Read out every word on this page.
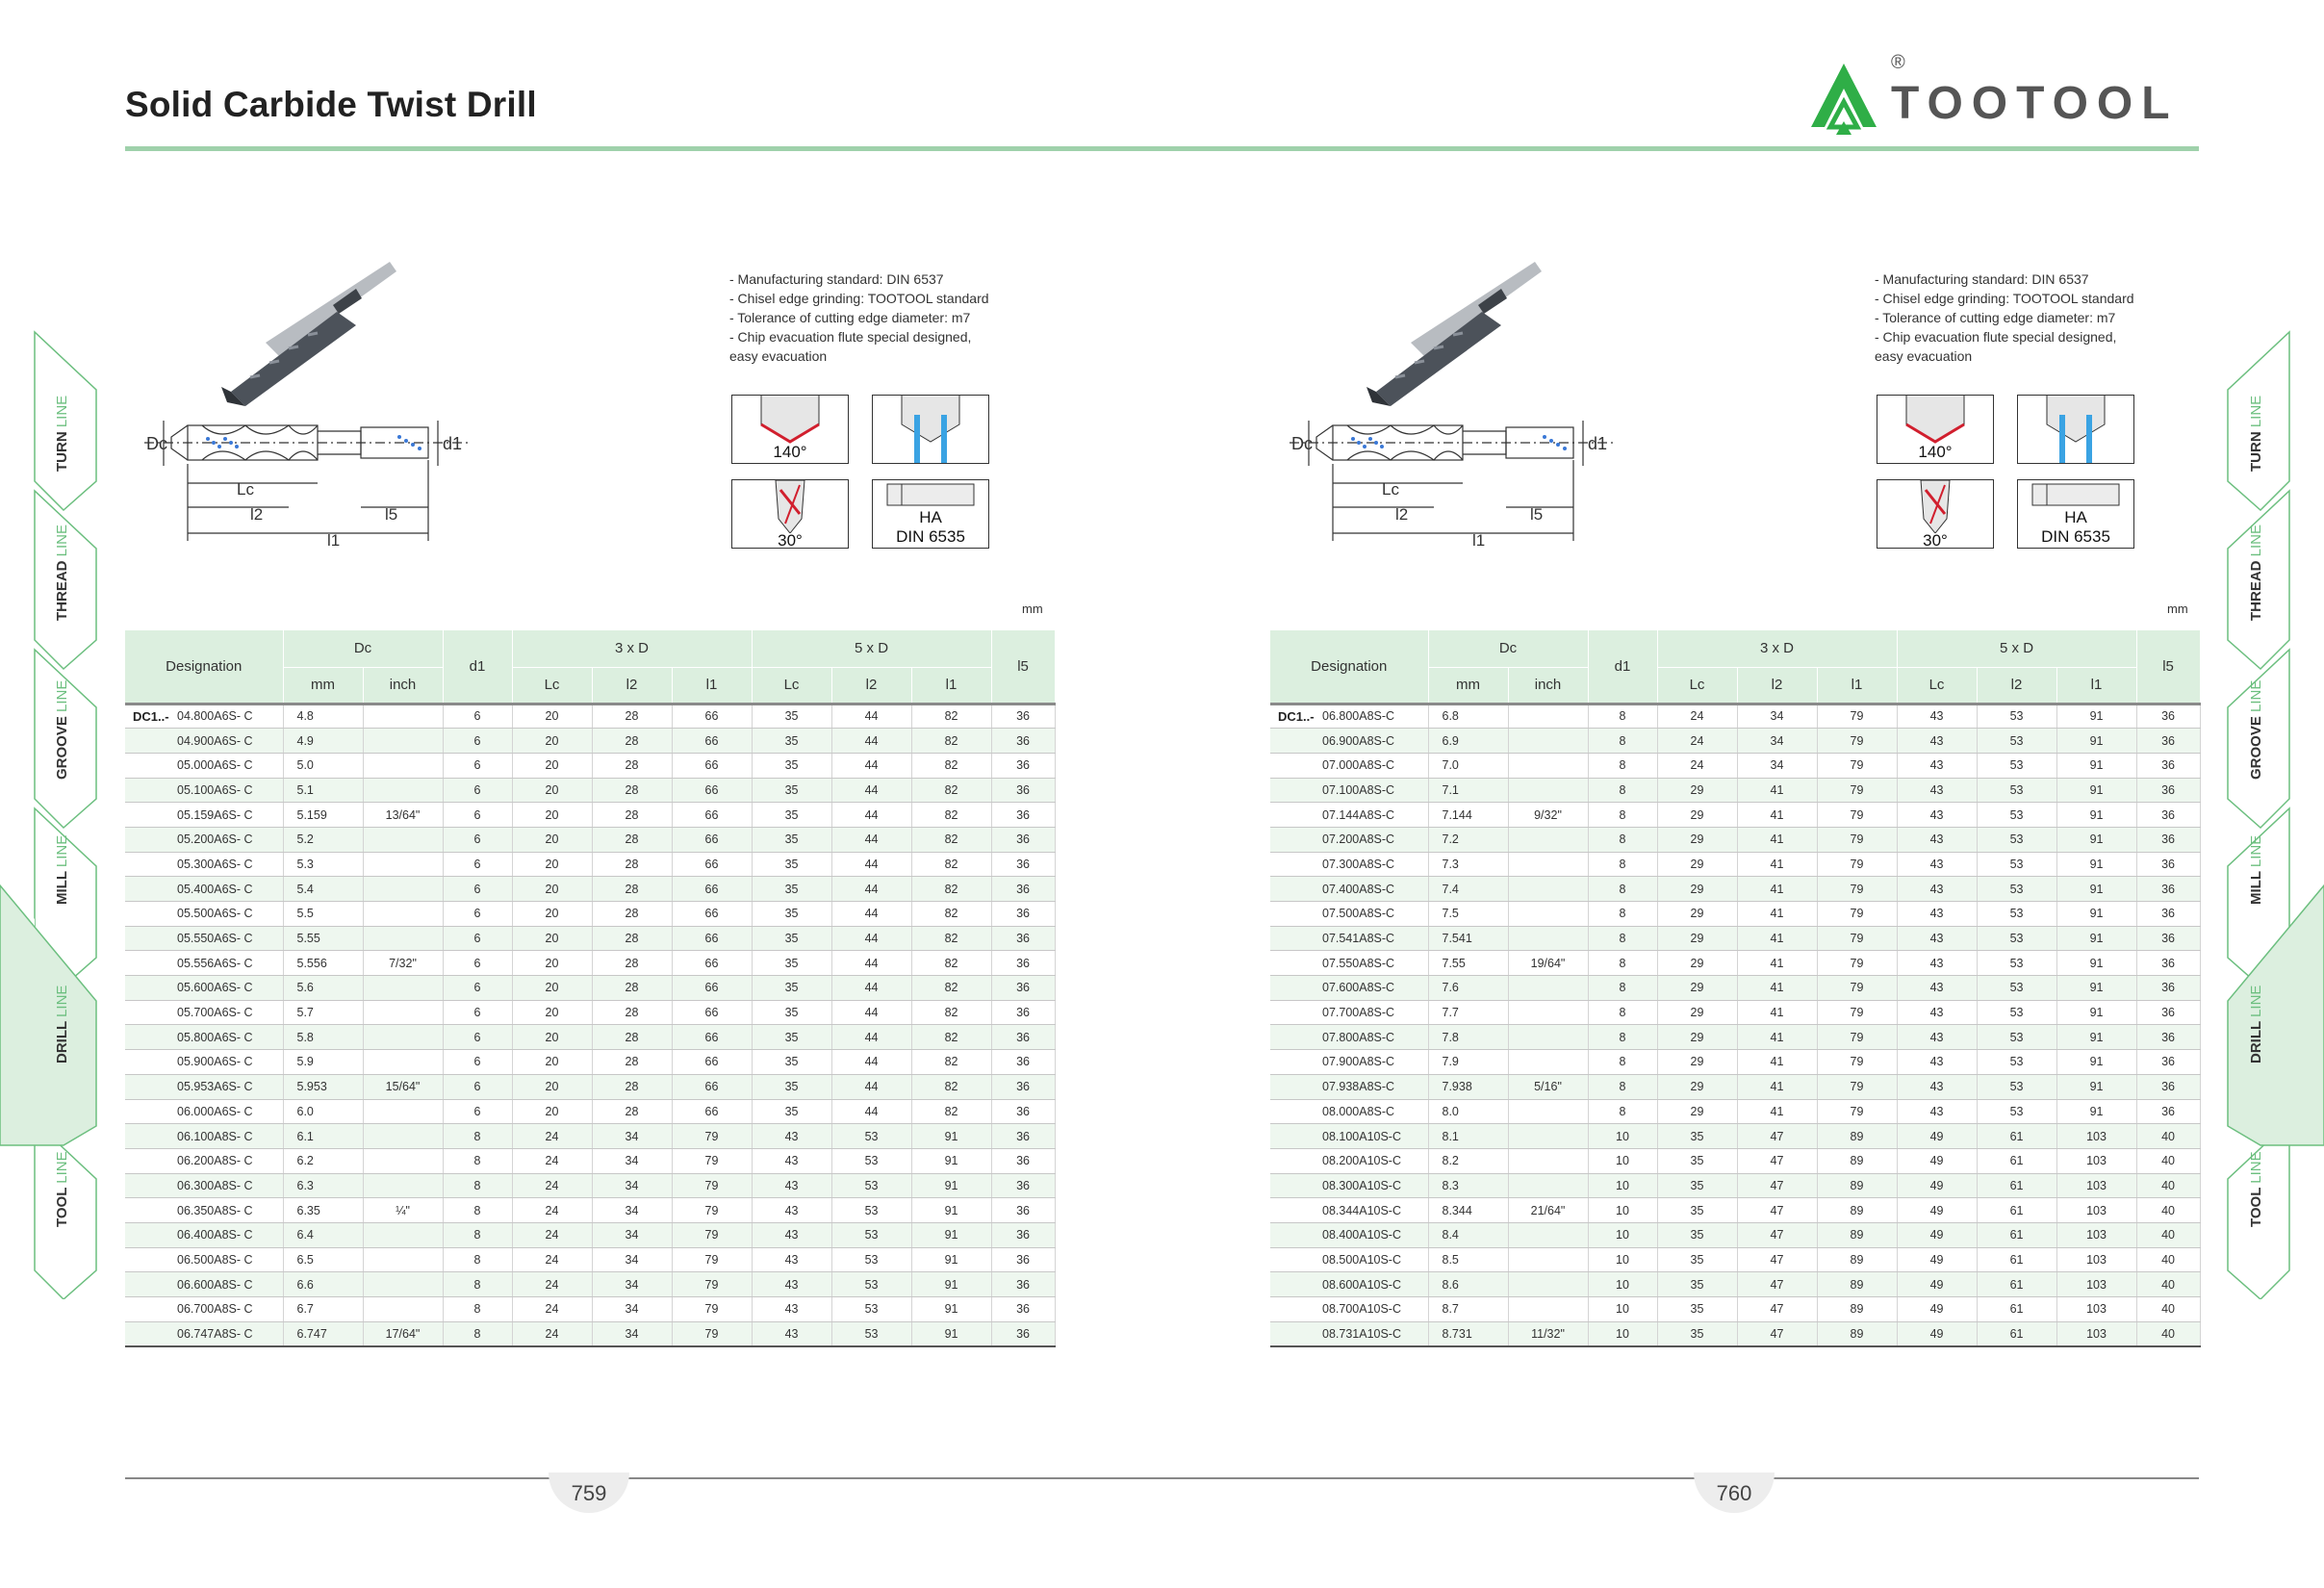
Solid Carbide Twist Drill
®
TOOTOOL
Dc	d1
Lc
l2	l5
l1
- Manufacturing standard: DIN 6537
- Chisel edge grinding: TOOTOOL standard
- Tolerance of cutting edge diameter: m7
- Chip evacuation flute special designed,
easy evacuation
140°
30°
HA
DIN 6535
mm
Designation		Dc		d1	3 x D			5 x D			l5
		mm	inch		Lc	l2	l1	Lc	l2	l1	
DC1..-	04.800A6S- C	4.8		6	20	28	66	35	44	82	36
	04.900A6S- C	4.9		6	20	28	66	35	44	82	36
	05.000A6S- C	5.0		6	20	28	66	35	44	82	36
	05.100A6S- C	5.1		6	20	28	66	35	44	82	36
	05.159A6S- C	5.159	13/64"	6	20	28	66	35	44	82	36
	05.200A6S- C	5.2		6	20	28	66	35	44	82	36
	05.300A6S- C	5.3		6	20	28	66	35	44	82	36
	05.400A6S- C	5.4		6	20	28	66	35	44	82	36
	05.500A6S- C	5.5		6	20	28	66	35	44	82	36
	05.550A6S- C	5.55		6	20	28	66	35	44	82	36
	05.556A6S- C	5.556	7/32"	6	20	28	66	35	44	82	36
	05.600A6S- C	5.6		6	20	28	66	35	44	82	36
	05.700A6S- C	5.7		6	20	28	66	35	44	82	36
	05.800A6S- C	5.8		6	20	28	66	35	44	82	36
	05.900A6S- C	5.9		6	20	28	66	35	44	82	36
	05.953A6S- C	5.953	15/64"	6	20	28	66	35	44	82	36
	06.000A6S- C	6.0		6	20	28	66	35	44	82	36
	06.100A8S- C	6.1		8	24	34	79	43	53	91	36
	06.200A8S- C	6.2		8	24	34	79	43	53	91	36
	06.300A8S- C	6.3		8	24	34	79	43	53	91	36
	06.350A8S- C	6.35	¼"	8	24	34	79	43	53	91	36
	06.400A8S- C	6.4		8	24	34	79	43	53	91	36
	06.500A8S- C	6.5		8	24	34	79	43	53	91	36
	06.600A8S- C	6.6		8	24	34	79	43	53	91	36
	06.700A8S- C	6.7		8	24	34	79	43	53	91	36
	06.747A8S- C	6.747	17/64"	8	24	34	79	43	53	91	36
Dc	d1
Lc
l2	l5
l1
- Manufacturing standard: DIN 6537
- Chisel edge grinding: TOOTOOL standard
- Tolerance of cutting edge diameter: m7
- Chip evacuation flute special designed,
easy evacuation
140°
30°
HA
DIN 6535
mm
Designation		Dc		d1	3 x D			5 x D			l5
		mm	inch		Lc	l2	l1	Lc	l2	l1	
DC1..-	06.800A8S-C	6.8		8	24	34	79	43	53	91	36
	06.900A8S-C	6.9		8	24	34	79	43	53	91	36
	07.000A8S-C	7.0		8	24	34	79	43	53	91	36
	07.100A8S-C	7.1		8	29	41	79	43	53	91	36
	07.144A8S-C	7.144	9/32"	8	29	41	79	43	53	91	36
	07.200A8S-C	7.2		8	29	41	79	43	53	91	36
	07.300A8S-C	7.3		8	29	41	79	43	53	91	36
	07.400A8S-C	7.4		8	29	41	79	43	53	91	36
	07.500A8S-C	7.5		8	29	41	79	43	53	91	36
	07.541A8S-C	7.541		8	29	41	79	43	53	91	36
	07.550A8S-C	7.55	19/64"	8	29	41	79	43	53	91	36
	07.600A8S-C	7.6		8	29	41	79	43	53	91	36
	07.700A8S-C	7.7		8	29	41	79	43	53	91	36
	07.800A8S-C	7.8		8	29	41	79	43	53	91	36
	07.900A8S-C	7.9		8	29	41	79	43	53	91	36
	07.938A8S-C	7.938	5/16"	8	29	41	79	43	53	91	36
	08.000A8S-C	8.0		8	29	41	79	43	53	91	36
	08.100A10S-C	8.1		10	35	47	89	49	61	103	40
	08.200A10S-C	8.2		10	35	47	89	49	61	103	40
	08.300A10S-C	8.3		10	35	47	89	49	61	103	40
	08.344A10S-C	8.344	21/64"	10	35	47	89	49	61	103	40
	08.400A10S-C	8.4		10	35	47	89	49	61	103	40
	08.500A10S-C	8.5		10	35	47	89	49	61	103	40
	08.600A10S-C	8.6		10	35	47	89	49	61	103	40
	08.700A10S-C	8.7		10	35	47	89	49	61	103	40
	08.731A10S-C	8.731	11/32"	10	35	47	89	49	61	103	40
TURN LINE
THREAD LINE
GROOVE LINE
MILL LINE
DRILL LINE
TOOL LINE
TURN LINE
THREAD LINE
GROOVE LINE
MILL LINE
DRILL LINE
TOOL LINE
759	760
